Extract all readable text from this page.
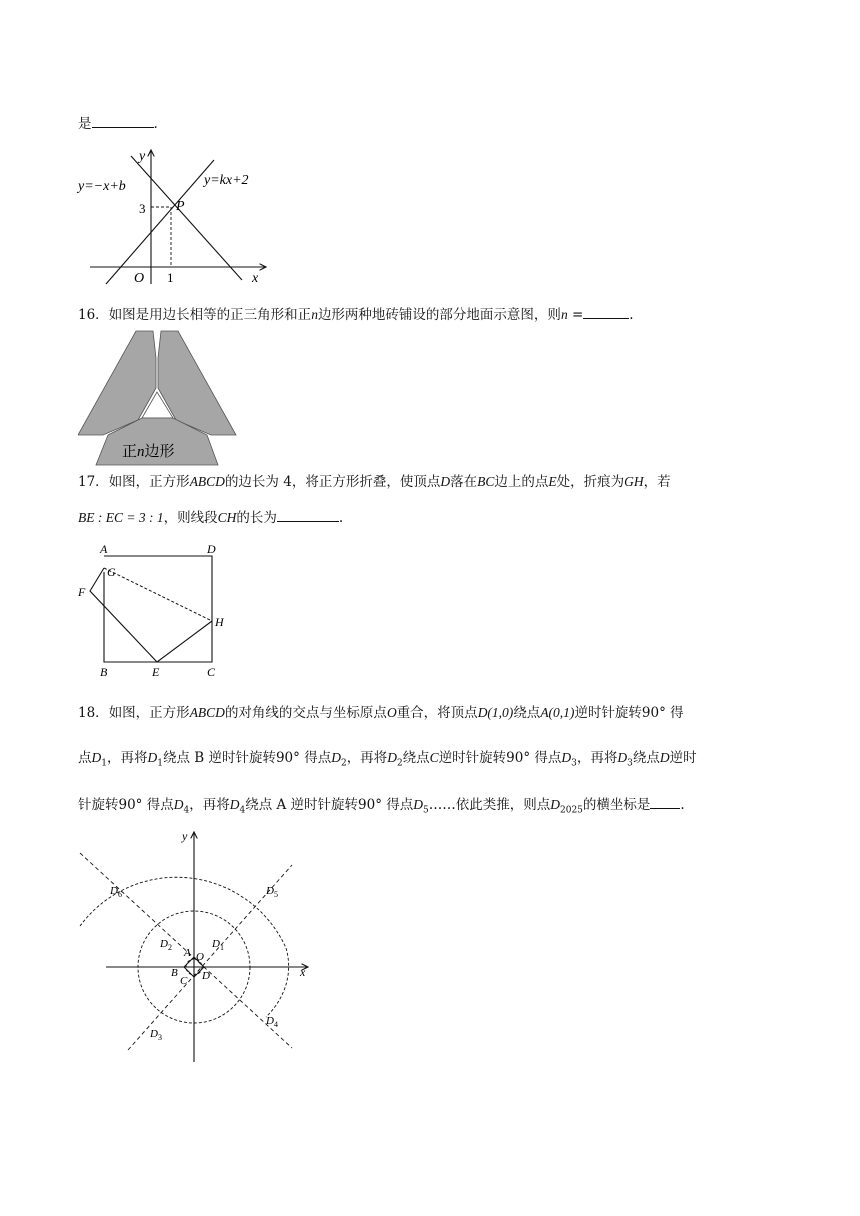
是	.
y=−x+b	y=kx+2
y
x
O
P
3
1
16．如图是用边长相等的正三角形和正n边形两种地砖铺设的部分地面示意图，则n =	.
正n边形
17．如图，正方形ABCD的边长为 4，将正方形折叠，使顶点D落在BC边上的点E处，折痕为GH，若
BE : EC = 3 : 1，则线段CH的长为	.
A	D
G
F
H
B	E	C
18．如图，正方形ABCD的对角线的交点与坐标原点O重合，将顶点D(1,0)绕点A(0,1)逆时针旋转90° 得
点$D_1$，再将$D_1$绕点 B 逆时针旋转90° 得点$D_2$，再将$D_2$绕点C逆时针旋转90° 得点$D_3$，再将$D_3$绕点D逆时
针旋转90° 得点$D_4$，再将$D_4$绕点 A 逆时针旋转90° 得点$D_5\dots\dots$依此类推，则点$D_{2025}$的横坐标是 .
y
x
A O
B
C D
$D_1$
$D_2$
$D_3$
$D_4$
$D_5$
$D_6$
